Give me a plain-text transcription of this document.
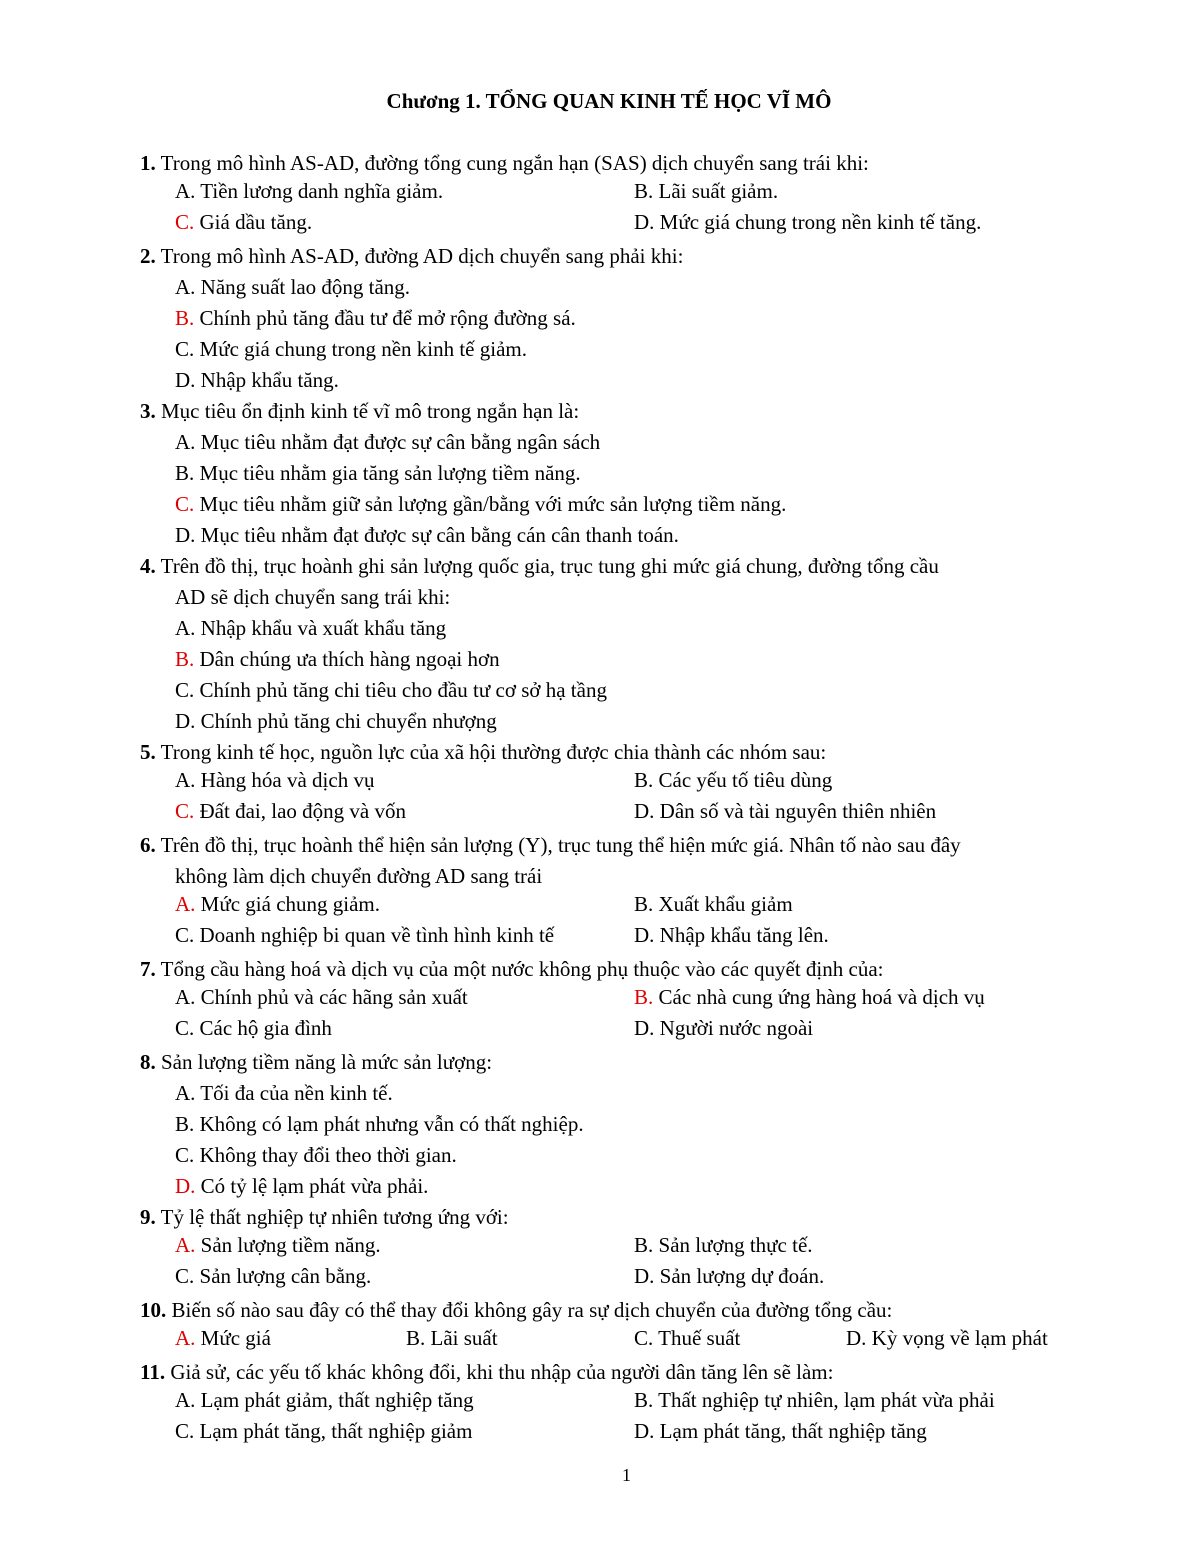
Chương 1. TỔNG QUAN KINH TẾ HỌC VĨ MÔ
1. Trong mô hình AS-AD, đường tổng cung ngắn hạn (SAS) dịch chuyển sang trái khi:
A. Tiền lương danh nghĩa giảm.	B. Lãi suất giảm.
C. Giá dầu tăng.	D. Mức giá chung trong nền kinh tế tăng.
2. Trong mô hình AS-AD, đường AD dịch chuyển sang phải khi:
A. Năng suất lao động tăng.
B. Chính phủ tăng đầu tư để mở rộng đường sá.
C. Mức giá chung trong nền kinh tế giảm.
D. Nhập khẩu tăng.
3. Mục tiêu ổn định kinh tế vĩ mô trong ngắn hạn là:
A. Mục tiêu nhằm đạt được sự cân bằng ngân sách
B. Mục tiêu nhằm gia tăng sản lượng tiềm năng.
C. Mục tiêu nhằm giữ sản lượng gần/bằng với mức sản lượng tiềm năng.
D. Mục tiêu nhằm đạt được sự cân bằng cán cân thanh toán.
4. Trên đồ thị, trục hoành ghi sản lượng quốc gia, trục tung ghi mức giá chung, đường tổng cầu
AD sẽ dịch chuyển sang trái khi:
A. Nhập khẩu và xuất khẩu tăng
B. Dân chúng ưa thích hàng ngoại hơn
C. Chính phủ tăng chi tiêu cho đầu tư cơ sở hạ tầng
D. Chính phủ tăng chi chuyển nhượng
5. Trong kinh tế học, nguồn lực của xã hội thường được chia thành các nhóm sau:
A. Hàng hóa và dịch vụ	B. Các yếu tố tiêu dùng
C. Đất đai, lao động và vốn	D. Dân số và tài nguyên thiên nhiên
6. Trên đồ thị, trục hoành thể hiện sản lượng (Y), trục tung thể hiện mức giá. Nhân tố nào sau đây
không làm dịch chuyển đường AD sang trái
A. Mức giá chung giảm.	B. Xuất khẩu giảm
C. Doanh nghiệp bi quan về tình hình kinh tế	D. Nhập khẩu tăng lên.
7. Tổng cầu hàng hoá và dịch vụ của một nước không phụ thuộc vào các quyết định của:
A. Chính phủ và các hãng sản xuất	B. Các nhà cung ứng hàng hoá và dịch vụ
C. Các hộ gia đình	D. Người nước ngoài
8. Sản lượng tiềm năng là mức sản lượng:
A. Tối đa của nền kinh tế.
B. Không có lạm phát nhưng vẫn có thất nghiệp.
C. Không thay đổi theo thời gian.
D. Có tỷ lệ lạm phát vừa phải.
9. Tỷ lệ thất nghiệp tự nhiên tương ứng với:
A. Sản lượng tiềm năng.	B. Sản lượng thực tế.
C. Sản lượng cân bằng.	D. Sản lượng dự đoán.
10. Biến số nào sau đây có thể thay đổi không gây ra sự dịch chuyển của đường tổng cầu:
A. Mức giá	B. Lãi suất	C. Thuế suất	D. Kỳ vọng về lạm phát
11. Giả sử, các yếu tố khác không đổi, khi thu nhập của người dân tăng lên sẽ làm:
A. Lạm phát giảm, thất nghiệp tăng	B. Thất nghiệp tự nhiên, lạm phát vừa phải
C. Lạm phát tăng, thất nghiệp giảm	D. Lạm phát tăng, thất nghiệp tăng
1
